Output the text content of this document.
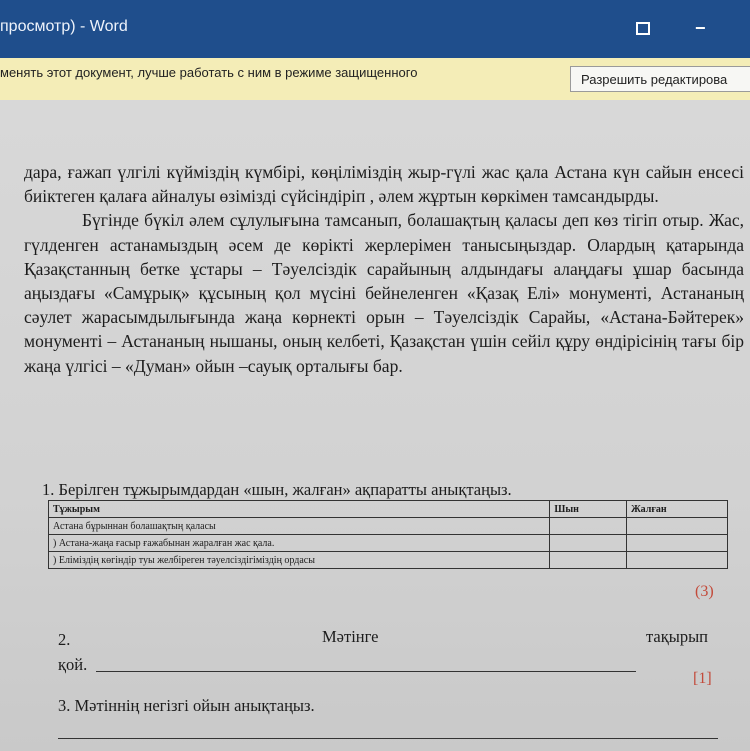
просмотр) - Word	−
менять этот документ, лучше работать с ним в режиме защищенного	Разрешить редактирова

дара, ғажап үлгілі күйміздің күмбірі, көңіліміздің жыр-гүлі жас қала Астана күн сайын енсесі биіктеген қалаға айналуы өзімізді сүйсіндіріп , әлем жұртын көркімен тамсандырды.

Бүгінде бүкіл әлем сұлулығына тамсанып, болашақтың қаласы деп көз тігіп отыр. Жас, гүлденген астанамыздың әсем де көрікті жерлерімен танысыңыздар. Олардың қатарында Қазақстанның бетке ұстары – Тәуелсіздік сарайының алдындағы алаңдағы ұшар басында аңыздағы «Самұрық» құсының қол мүсіні бейнеленген «Қазақ Елі» монументі, Астананың сәулет жарасымдылығында жаңа көрнекті орын – Тәуелсіздік Сарайы, «Астана-Бәйтерек» монументі – Астананың нышаны, оның келбеті, Қазақстан үшін сейіл құру өндірісінің тағы бір жаңа үлгісі – «Думан» ойын –сауық орталығы бар.

1. Берілген тұжырымдардан «шын, жалған» ақпаратты анықтаңыз.
Тұжырым	Шын	Жалған
Астана бұрыннан болашақтың қаласы		
) Астана-жаңа ғасыр ғажабынан жаралған жас қала.		
) Еліміздің көгіндір туы желбіреген тәуелсіздігіміздің ордасы		
(3)
2.	Мәтінге	тақырып
қой.
[1]
3. Мәтіннің негізгі ойын анықтаңыз.
